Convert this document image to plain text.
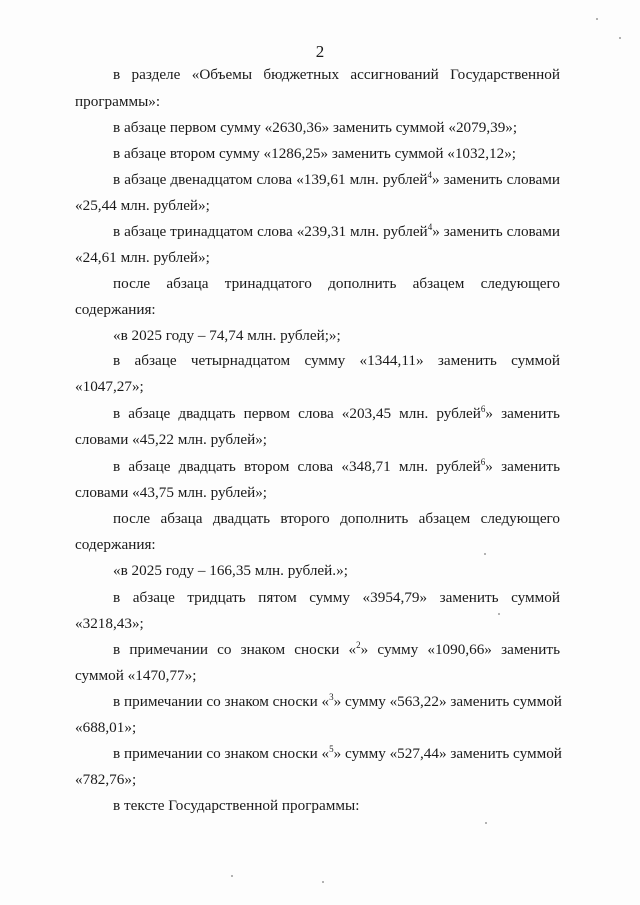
2
в разделе «Объемы бюджетных ассигнований Государственной
программы»:
в абзаце первом сумму «2630,36» заменить суммой «2079,39»;
в абзаце втором сумму «1286,25» заменить суммой «1032,12»;
в абзаце двенадцатом слова «139,61 млн. рублей$^4$» заменить словами
«25,44 млн. рублей»;
в абзаце тринадцатом слова «239,31 млн. рублей$^4$» заменить словами
«24,61 млн. рублей»;
после абзаца тринадцатого дополнить абзацем следующего
содержания:
«в 2025 году – 74,74 млн. рублей;»;
в абзаце четырнадцатом сумму «1344,11» заменить суммой
«1047,27»;
в абзаце двадцать первом слова «203,45 млн. рублей$^6$» заменить
словами «45,22 млн. рублей»;
в абзаце двадцать втором слова «348,71 млн. рублей$^6$» заменить
словами «43,75 млн. рублей»;
после абзаца двадцать второго дополнить абзацем следующего
содержания:
«в 2025 году – 166,35 млн. рублей.»;
в абзаце тридцать пятом сумму «3954,79» заменить суммой
«3218,43»;
в примечании со знаком сноски «$^2$» сумму «1090,66» заменить
суммой «1470,77»;
в примечании со знаком сноски «$^3$» сумму «563,22» заменить суммой
«688,01»;
в примечании со знаком сноски «$^5$» сумму «527,44» заменить суммой
«782,76»;
в тексте Государственной программы:
